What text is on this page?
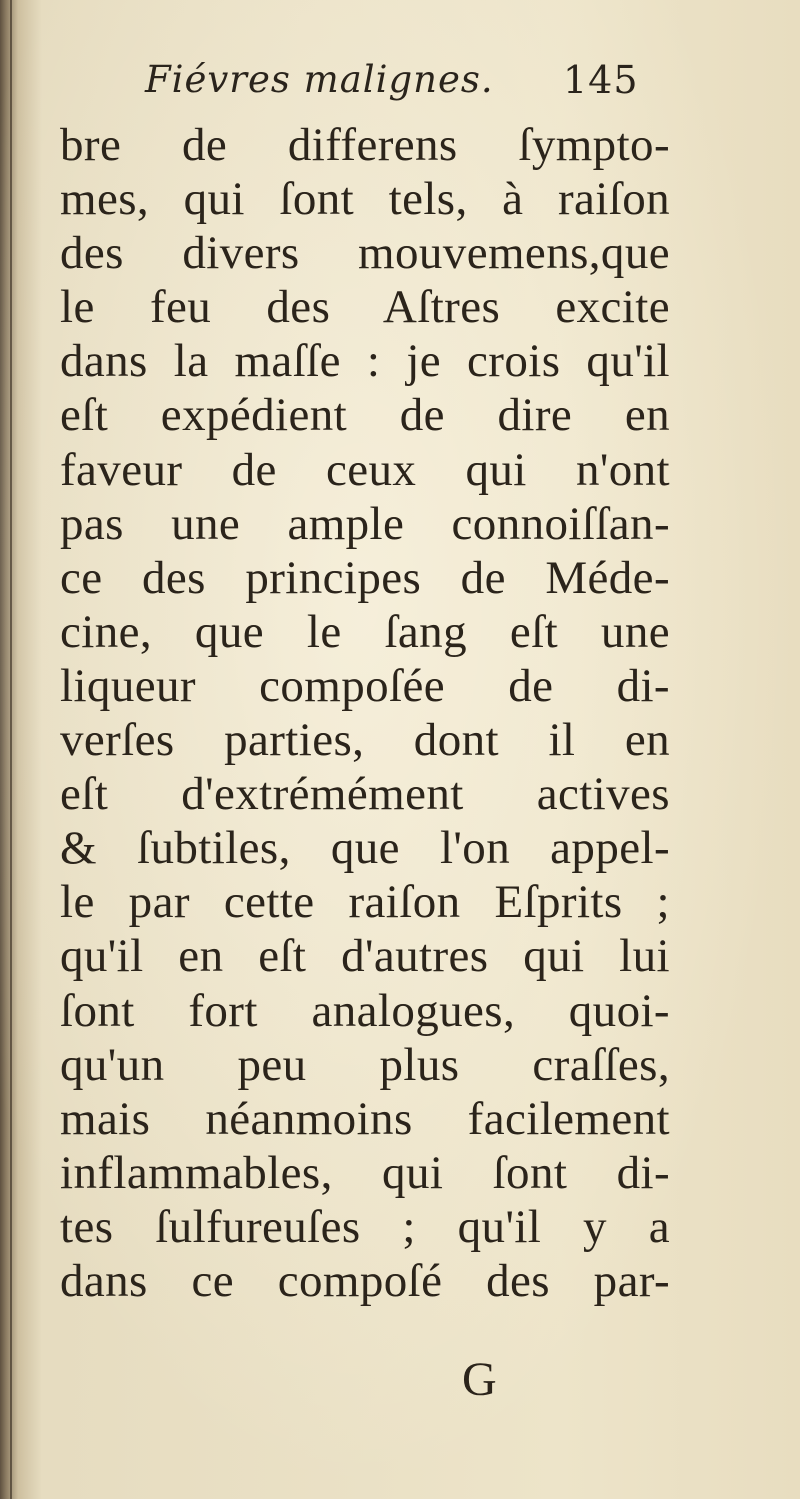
Fiévres malignes. 145
bre de differens ſympto-
mes, qui ſont tels, à raiſon
des divers mouvemens,que
le feu des Aſtres excite
dans la maſſe : je crois qu'il
eſt expédient de dire en
faveur de ceux qui n'ont
pas une ample connoiſſan-
ce des principes de Méde-
cine, que le ſang eſt une
liqueur compoſée de di-
verſes parties, dont il en
eſt d'extrémément actives
& ſubtiles, que l'on appel-
le par cette raiſon Eſprits ;
qu'il en eſt d'autres qui lui
ſont fort analogues, quoi-
qu'un peu plus craſſes,
mais néanmoins facilement
inflammables, qui ſont di-
tes ſulfureuſes ; qu'il y a
dans ce compoſé des par-
G
